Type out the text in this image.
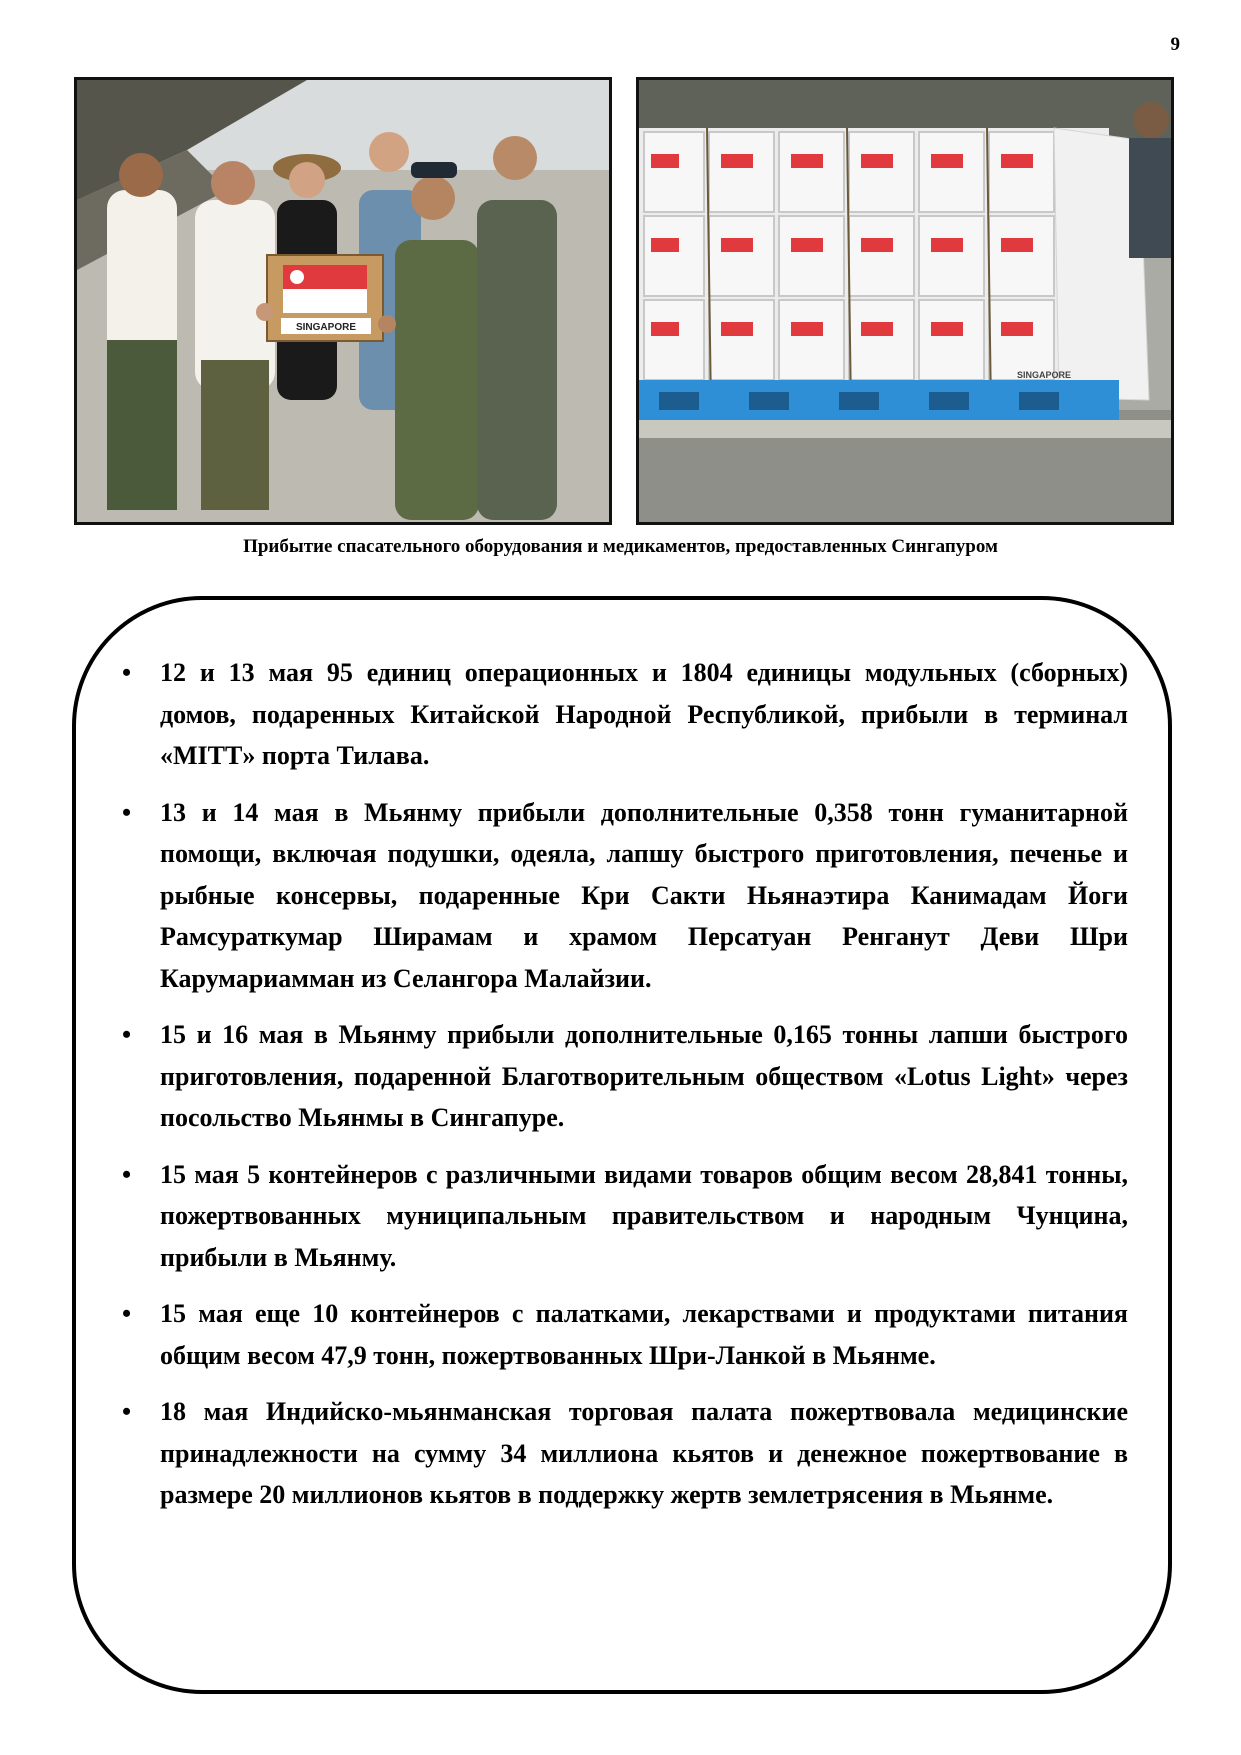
9
SINGAPORE
SINGAPORE
Прибытие спасательного оборудования и медикаментов, предоставленных Сингапуром
• 12 и 13 мая 95 единиц операционных и 1804 единицы модульных (сборных) домов, подаренных Китайской Народной Республикой, прибыли в терминал «MITT» порта Тилава.
• 13 и 14 мая в Мьянму прибыли дополнительные 0,358 тонн гуманитарной помощи, включая подушки, одеяла, лапшу быстрого приготовления, печенье и рыбные консервы, подаренные Кри Сакти Ньянаэтира Канимадам Йоги Рамсураткумар Ширамам и храмом Персатуан Ренганут Деви Шри Карумариамман из Селангора Малайзии.
• 15 и 16 мая в Мьянму прибыли дополнительные 0,165 тонны лапши быстрого приготовления, подаренной Благотворительным обществом «Lotus Light» через посольство Мьянмы в Сингапуре.
• 15 мая 5 контейнеров с различными видами товаров общим весом 28,841 тонны, пожертвованных муниципальным правительством и народным Чунцина, прибыли в Мьянму.
• 15 мая еще 10 контейнеров с палатками, лекарствами и продуктами питания общим весом 47,9 тонн, пожертвованных Шри-Ланкой в Мьянме.
• 18 мая Индийско-мьянманская торговая палата пожертвовала медицинские принадлежности на сумму 34 миллиона кьятов и денежное пожертвование в размере 20 миллионов кьятов в поддержку жертв землетрясения в Мьянме.
